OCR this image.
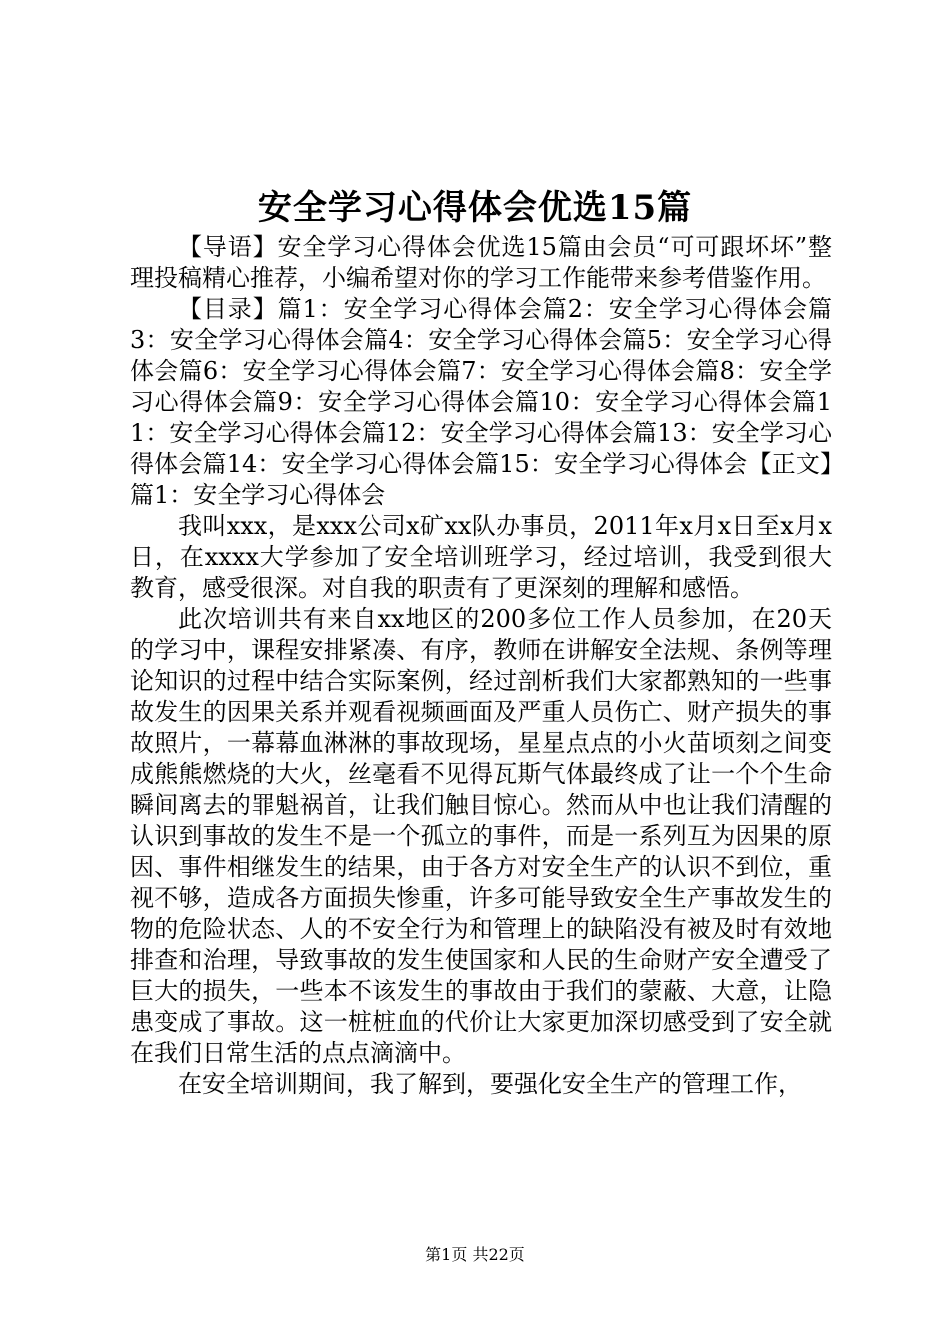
安全学习心得体会优选15篇

【导语】安全学习心得体会优选15篇由会员“可可跟坏坏”整理投稿精心推荐，小编希望对你的学习工作能带来参考借鉴作用。

【目录】篇1：安全学习心得体会篇2：安全学习心得体会篇3：安全学习心得体会篇4：安全学习心得体会篇5：安全学习心得体会篇6：安全学习心得体会篇7：安全学习心得体会篇8：安全学习心得体会篇9：安全学习心得体会篇10：安全学习心得体会篇11：安全学习心得体会篇12：安全学习心得体会篇13：安全学习心得体会篇14：安全学习心得体会篇15：安全学习心得体会【正文】篇1：安全学习心得体会

我叫xxx，是xxx公司x矿xx队办事员，2011年x月x日至x月x日，在xxxx大学参加了安全培训班学习，经过培训，我受到很大教育，感受很深。对自我的职责有了更深刻的理解和感悟。

此次培训共有来自xx地区的200多位工作人员参加，在20天的学习中，课程安排紧凑、有序，教师在讲解安全法规、条例等理论知识的过程中结合实际案例，经过剖析我们大家都熟知的一些事故发生的因果关系并观看视频画面及严重人员伤亡、财产损失的事故照片，一幕幕血淋淋的事故现场，星星点点的小火苗顷刻之间变成熊熊燃烧的大火，丝毫看不见得瓦斯气体最终成了让一个个生命瞬间离去的罪魁祸首，让我们触目惊心。然而从中也让我们清醒的认识到事故的发生不是一个孤立的事件，而是一系列互为因果的原因、事件相继发生的结果，由于各方对安全生产的认识不到位，重视不够，造成各方面损失惨重，许多可能导致安全生产事故发生的物的危险状态、人的不安全行为和管理上的缺陷没有被及时有效地排查和治理，导致事故的发生使国家和人民的生命财产安全遭受了巨大的损失，一些本不该发生的事故由于我们的蒙蔽、大意，让隐患变成了事故。这一桩桩血的代价让大家更加深切感受到了安全就在我们日常生活的点点滴滴中。

在安全培训期间，我了解到，要强化安全生产的管理工作，

第1页 共22页
